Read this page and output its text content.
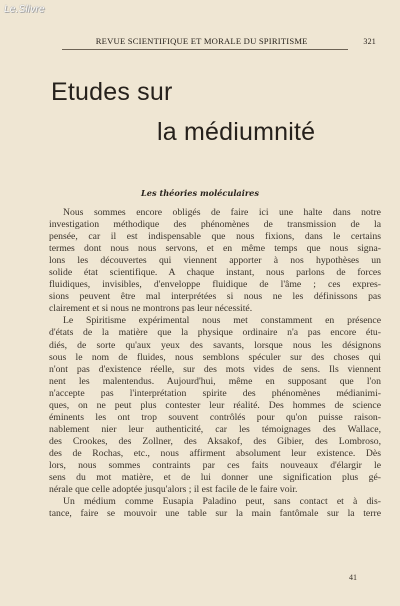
Le.Slivre
REVUE SCIENTIFIQUE ET MORALE DU SPIRITISME	321
Etudes sur
la médiumnité
Les théories moléculaires

Nous sommes encore obligés de faire ici une halte dans notre
investigation méthodique des phénomènes de transmission de la
pensée, car il est indispensable que nous fixions, dans le certains
termes dont nous nous servons, et en même temps que nous signa-
lons les découvertes qui viennent apporter à nos hypothèses un
solide état scientifique. A chaque instant, nous parlons de forces
fluidiques, invisibles, d'enveloppe fluidique de l'âme ; ces expres-
sions peuvent être mal interprétées si nous ne les définissons pas
clairement et si nous ne montrons pas leur nécessité.

Le Spiritisme expérimental nous met constamment en présence
d'états de la matière que la physique ordinaire n'a pas encore étu-
diés, de sorte qu'aux yeux des savants, lorsque nous les désignons
sous le nom de fluides, nous semblons spéculer sur des choses qui
n'ont pas d'existence réelle, sur des mots vides de sens. Ils viennent
nent les malentendus. Aujourd'hui, même en supposant que l'on
n'accepte pas l'interprétation spirite des phénomènes médianimi-
ques, on ne peut plus contester leur réalité. Des hommes de science
éminents les ont trop souvent contrôlés pour qu'on puisse raison-
nablement nier leur authenticité, car les témoignages des Wallace,
des Crookes, des Zollner, des Aksakof, des Gibier, des Lombroso,
des de Rochas, etc., nous affirment absolument leur existence. Dès
lors, nous sommes contraints par ces faits nouveaux d'élargir le
sens du mot matière, et de lui donner une signification plus gé-
nérale que celle adoptée jusqu'alors ; il est facile de le faire voir.

Un médium comme Eusapia Paladino peut, sans contact et à dis-
tance, faire se mouvoir une table sur la main fantômale sur la terre

41
